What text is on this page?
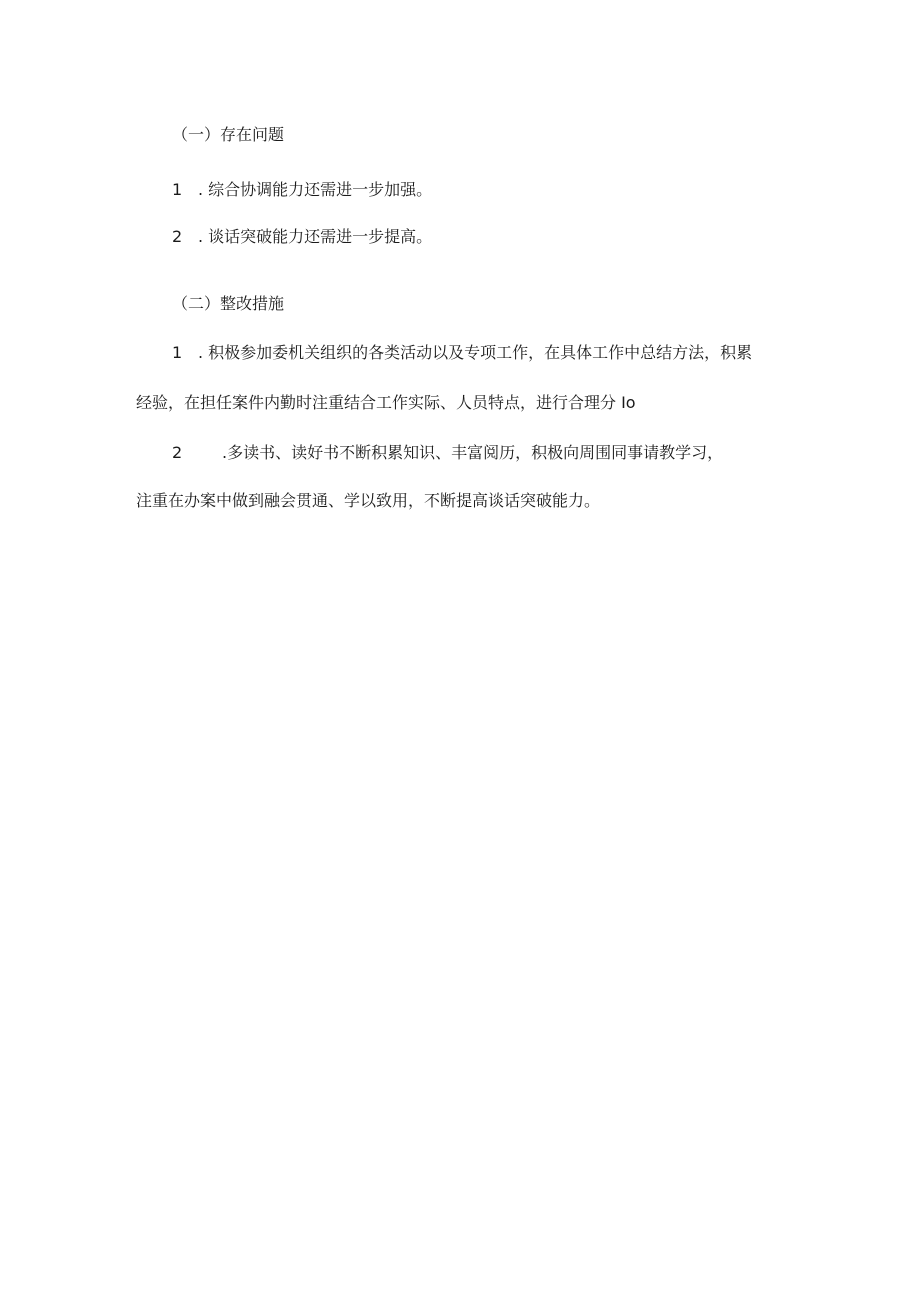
（一）存在问题
1 . 综合协调能力还需进一步加强。
2 . 谈话突破能力还需进一步提高。
（二）整改措施
1 . 积极参加委机关组织的各类活动以及专项工作，在具体工作中总结方法，积累
经验，在担任案件内勤时注重结合工作实际、人员特点，进行合理分 Io
2 .多读书、读好书不断积累知识、丰富阅历，积极向周围同事请教学习，
注重在办案中做到融会贯通、学以致用，不断提高谈话突破能力。
